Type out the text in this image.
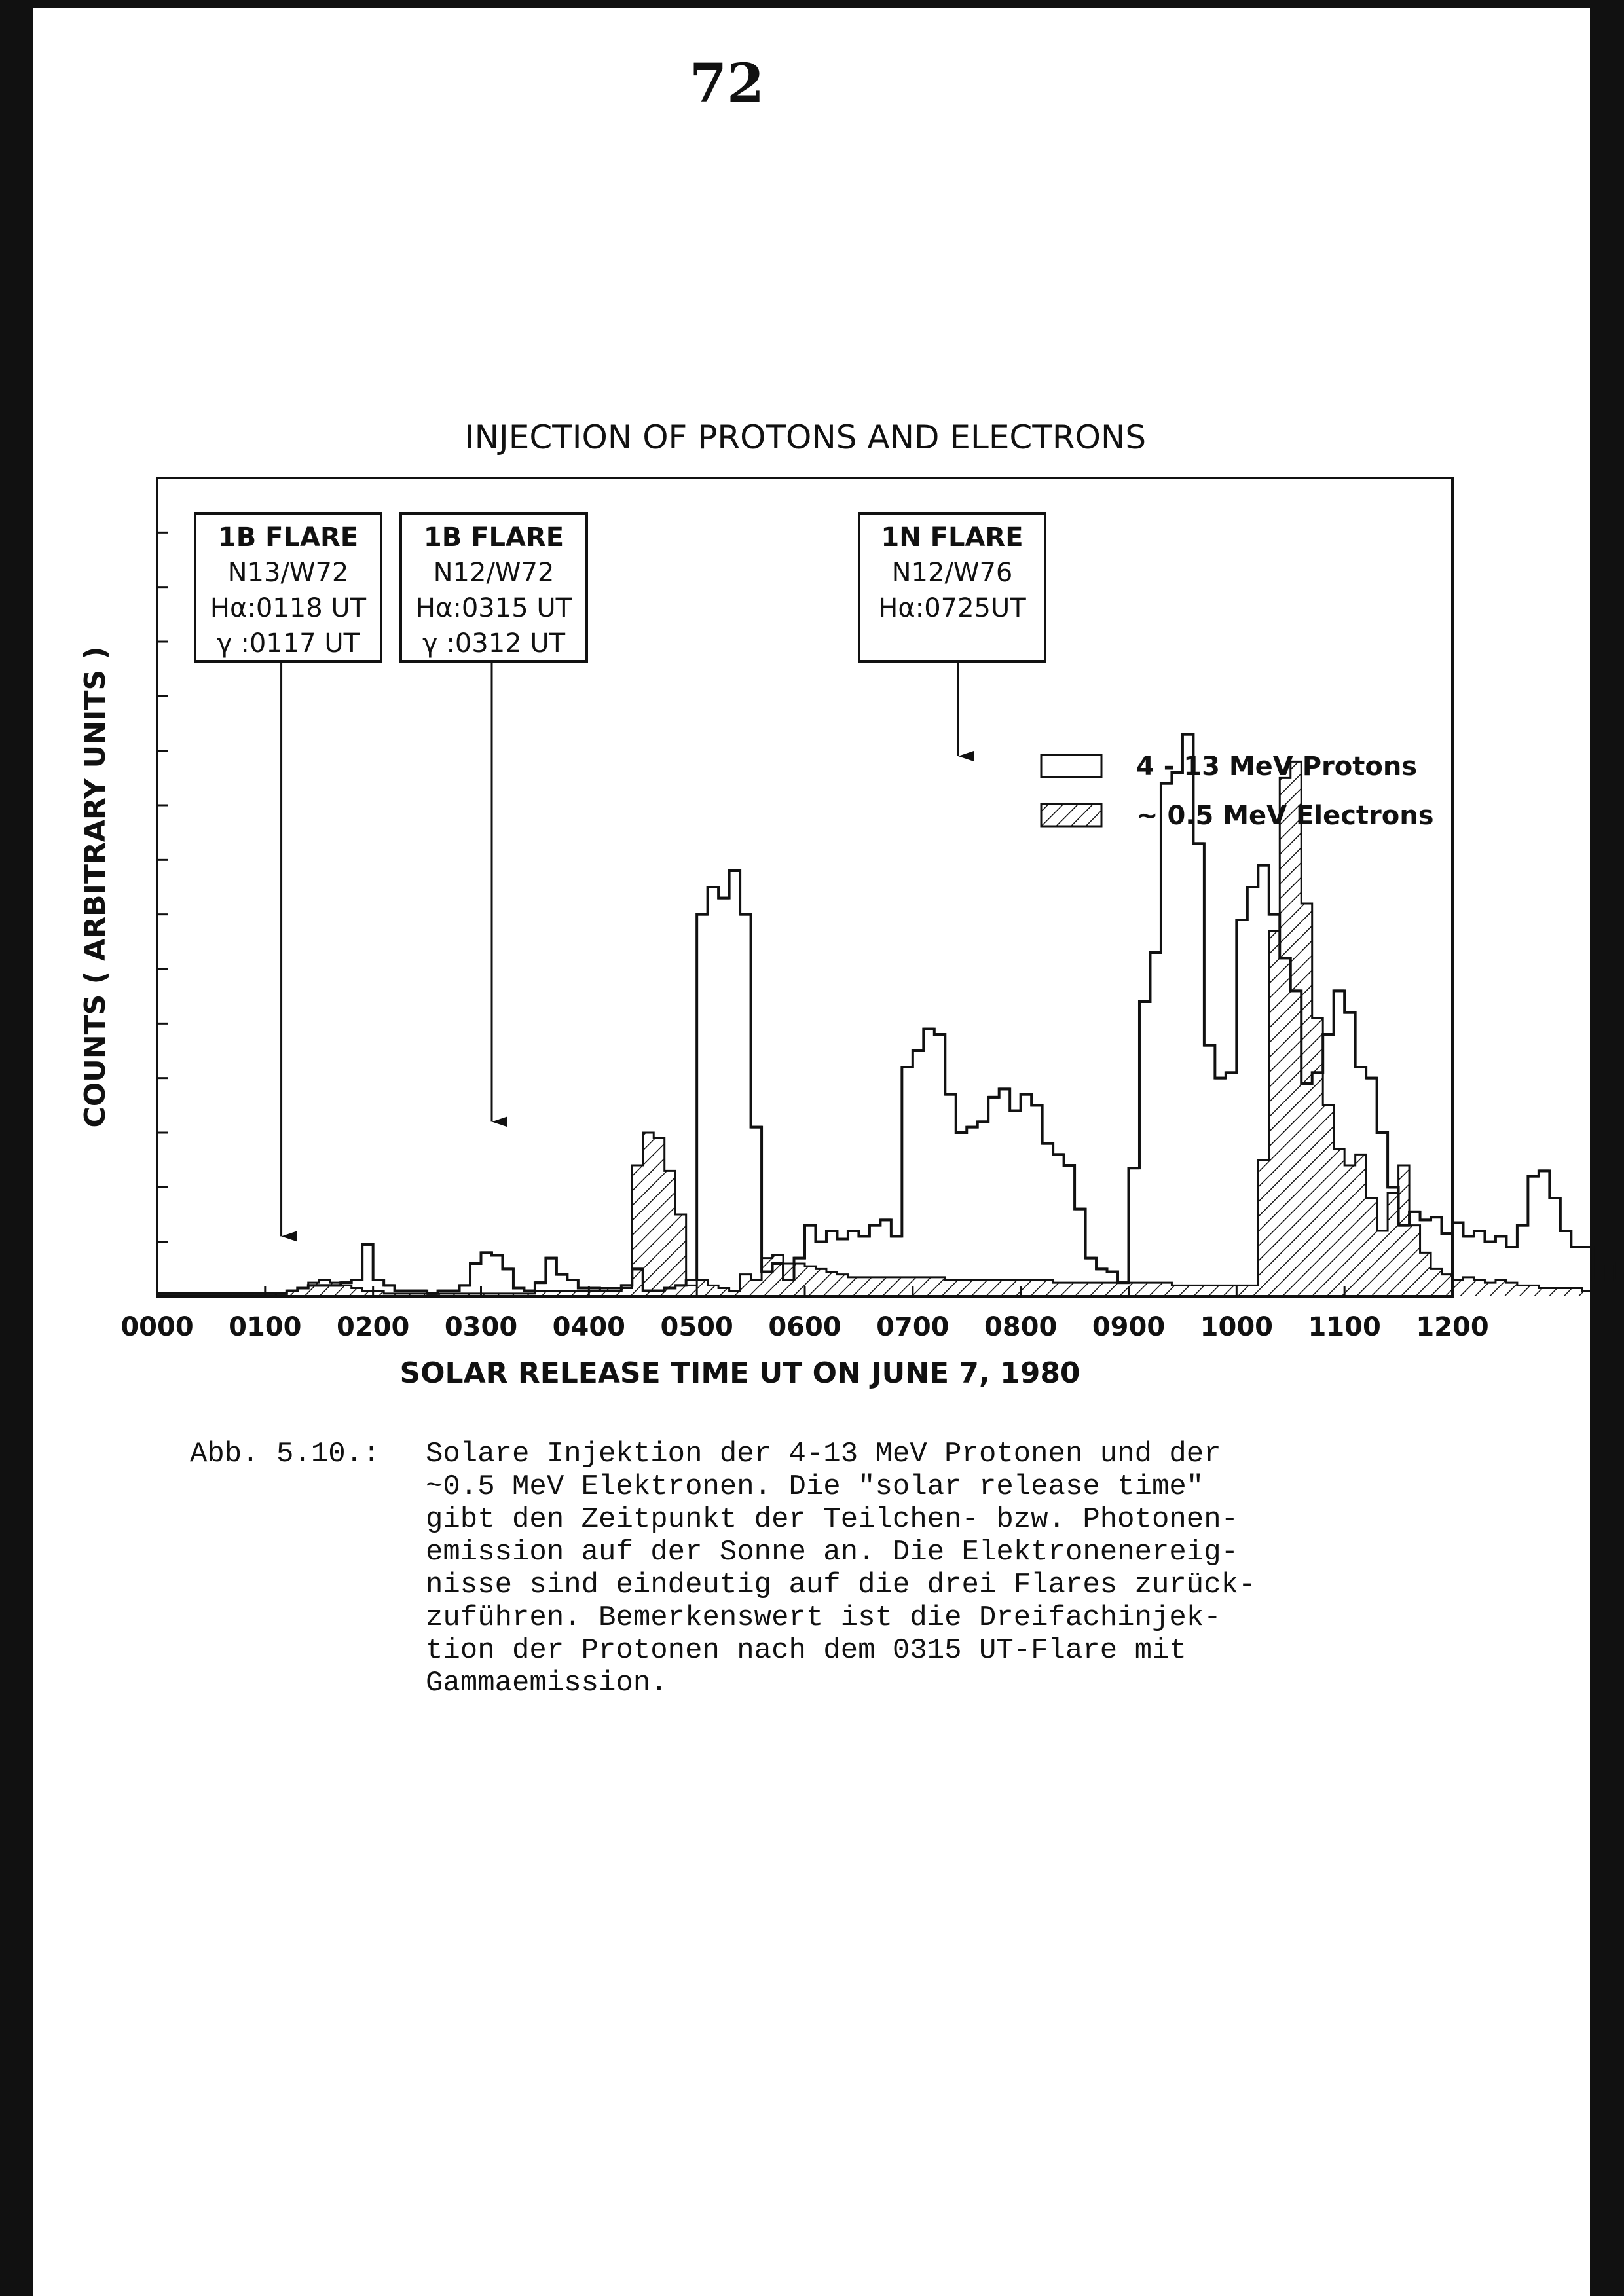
72
INJECTION OF PROTONS AND ELECTRONS
0000 0100 0200 0300 0400 0500 0600 0700 0800 0900 1000 1100 1200
1B FLARE
N13/W72
Hα:0118 UT
γ :0117 UT
1B FLARE
N12/W72
Hα:0315 UT
γ :0312 UT
1N FLARE
N12/W76
Hα:0725UT
4 - 13 MeV Protons
~ 0.5 MeV Electrons
SOLAR RELEASE TIME UT ON JUNE 7, 1980
COUNTS ( ARBITRARY UNITS )
Abb. 5.10.: Solare Injektion der 4-13 MeV Protonen und der
~0.5 MeV Elektronen. Die "solar release time"
gibt den Zeitpunkt der Teilchen- bzw. Photonen-
emission auf der Sonne an. Die Elektronenereig-
nisse sind eindeutig auf die drei Flares zurück-
zuführen. Bemerkenswert ist die Dreifachinjek-
tion der Protonen nach dem 0315 UT-Flare mit
Gammaemission.
